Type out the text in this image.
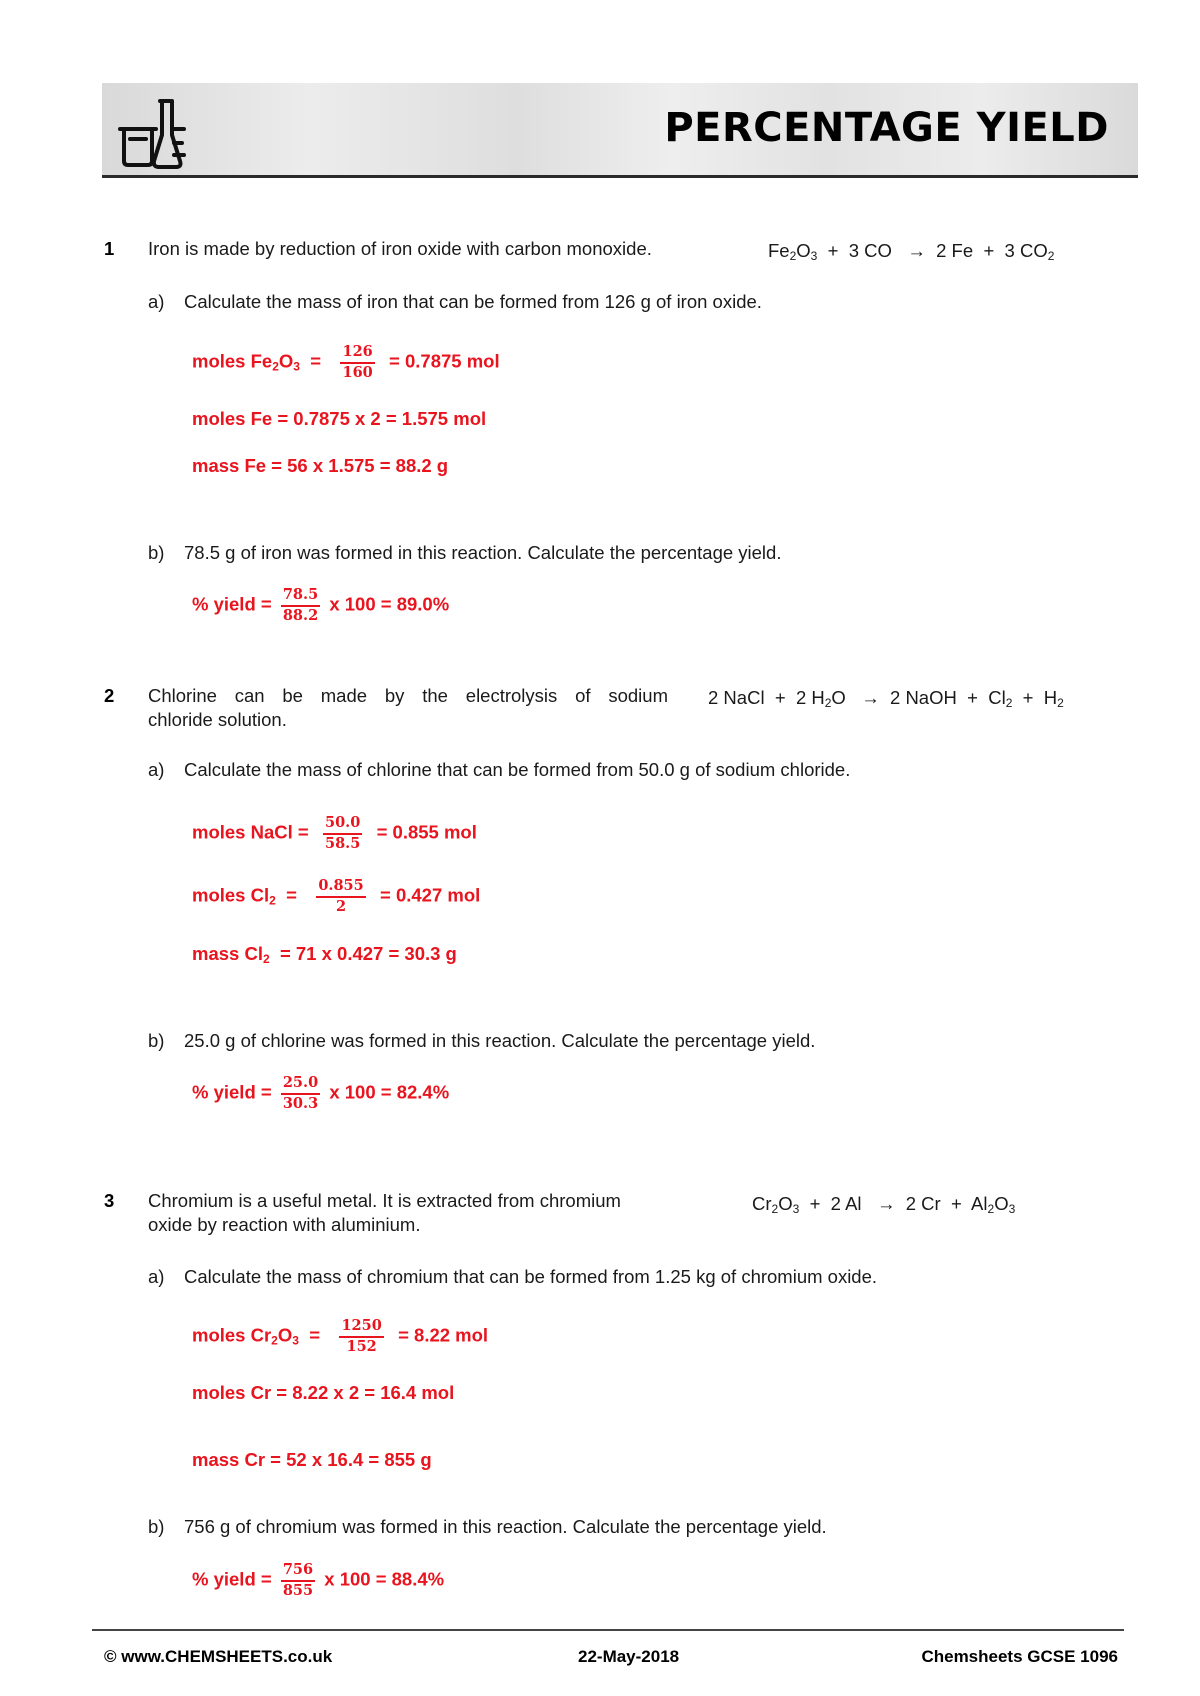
PERCENTAGE YIELD
1 Iron is made by reduction of iron oxide with carbon monoxide.	$Fe_2O_3 + 3$ CO → 2 Fe + 3 $CO_2$
a) Calculate the mass of iron that can be formed from 126 g of iron oxide.
moles $Fe_2O_3 = \frac{126}{160} = 0.7875$ mol
moles Fe = 0.7875 x 2 = 1.575 mol
mass Fe = 56 x 1.575 = 88.2 g
b) 78.5 g of iron was formed in this reaction. Calculate the percentage yield.
% yield = $\frac{78.5}{88.2}$ x 100 = 89.0%
2 Chlorine can be made by the electrolysis of sodium
chloride solution.
2 NaCl + 2 $H_2O \to 2$ NaOH + $Cl_2 + H_2$
a) Calculate the mass of chlorine that can be formed from 50.0 g of sodium chloride.
moles NaCl = $\frac{50.0}{58.5} = 0.855$ mol
moles $Cl_2 = \frac{0.855}{2} = 0.427$ mol
mass $Cl_2 = 71$ x 0.427 = 30.3 g
b) 25.0 g of chlorine was formed in this reaction. Calculate the percentage yield.
% yield = $\frac{25.0}{30.3}$ x 100 = 82.4%
3 Chromium is a useful metal. It is extracted from chromium
oxide by reaction with aluminium.
$Cr_2O_3 + 2$ Al → 2 $Cr + Al_2O_3$
a) Calculate the mass of chromium that can be formed from 1.25 kg of chromium oxide.
moles $Cr_2O_3 = \frac{1250}{152} = 8.22$ mol
moles Cr = 8.22 x 2 = 16.4 mol
mass Cr = 52 x 16.4 = 855 g
b) 756 g of chromium was formed in this reaction. Calculate the percentage yield.
% yield = $\frac{756}{855}$ x 100 = 88.4%
© www.CHEMSHEETS.co.uk	22-May-2018	Chemsheets GCSE 1096
